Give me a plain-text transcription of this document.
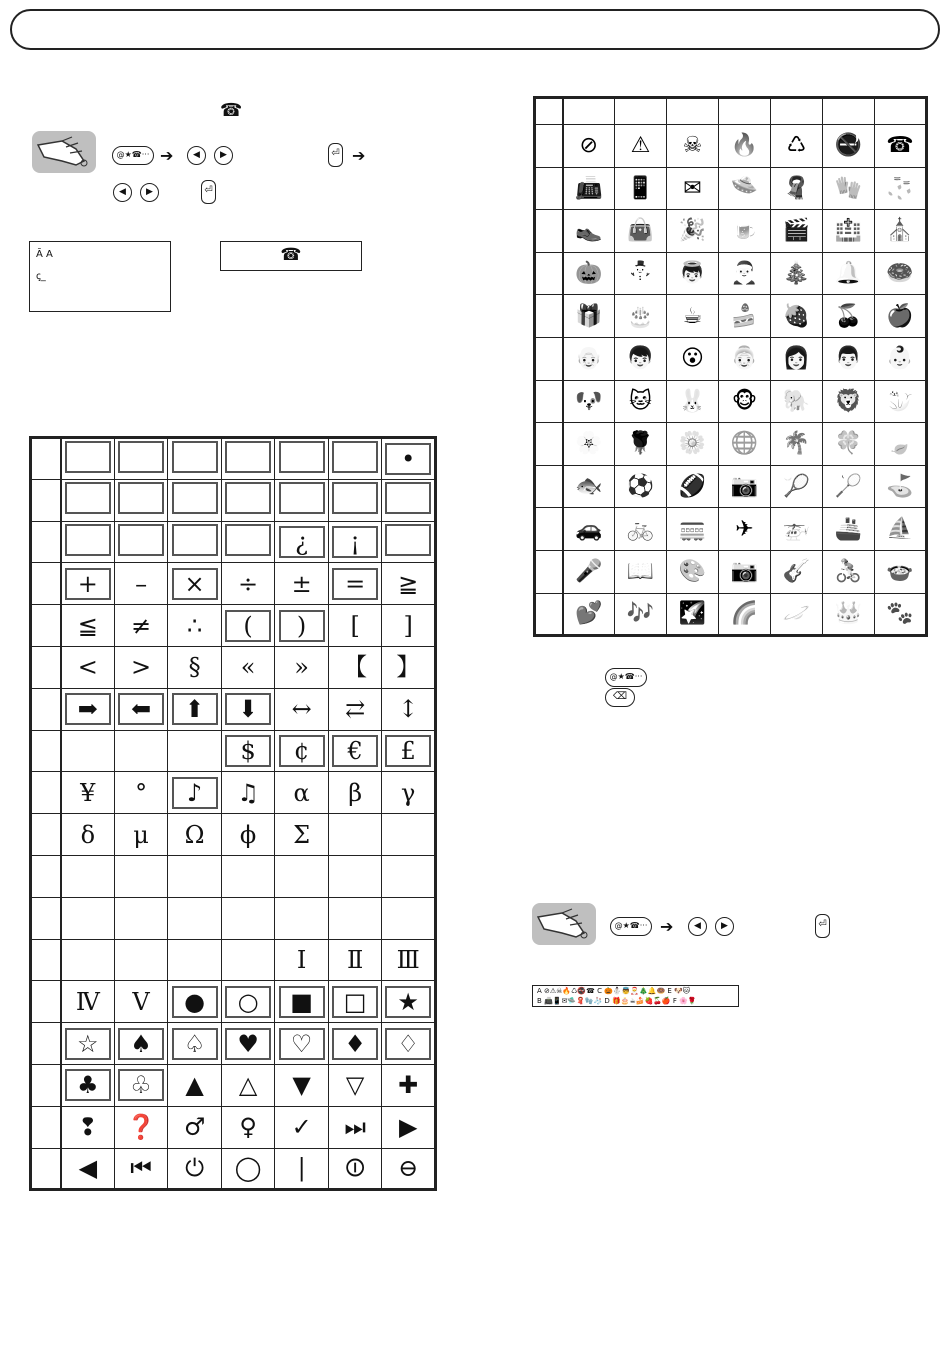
☎
@★☎··· ➔	◀	▶	⏎ ➔
◀	▶	⏎
Ā A
ꞔ_
☎
							•

					¿	¡	
	+	–	×	÷	±	=	≧
	≦	≠	∴	(	)	[	]
	<	>	§	«	»	【	】
	➡	⬅	⬆	⬇	↔	⇄	↕
				$	¢	€	£
	¥	°	♪	♫	α	β	γ
	δ	μ	Ω	ϕ	Σ		

					Ⅰ	Ⅱ	Ⅲ
	Ⅳ	Ⅴ	●	○	■	□	★
	☆	♠	♤	♥	♡	♦	♢
	♣	♧	▲	△	▼	▽	✚
	❢	❓	♂	♀	✓	⏭	▶
	◀	⏮	⏻	◯	|	⏼	⊖

	⊘	⚠	☠	🔥	♺	🚭	☎
	📠	📱	✉	🛸	🧣	🧤	🧦
	👞	👜	🎉	🍺	🎬	🏥	⛪
	🎃	⛄	👼	🎅	🎄	🔔	🍩
	🎁	🎂	☕	🍰	🍓	🍒	🍎
	👴	👦	😮	👵	👩	👨	👶
	🐶	🐱	🐰	🐵	🐘	🦁	🦭
	🌸	🌹	🌼	🌐	🌴	🍀	🍃
	🐟	⚽	🏈	📷	🎾	🏸	⛳
	🚗	🚲	🚃	✈	🚁	🚢	⛵
	🎤	📖	🎨	📷	🎸	🚴	🍲
	💕	🎶	🌠	🌈	🪐	👑	🐾
@★☎···
⌫
@★☎··· ➔	◀	▶	⏎
A ⊘⚠☠🔥♺🚭☎ C 🎃⛄👼🎅🎄🔔🍩 E 🐶🐱
B 📠📱✉🛸🧣🧤🧦 D 🎁🎂☕🍰🍓🍒🍎 F 🌸🌹
